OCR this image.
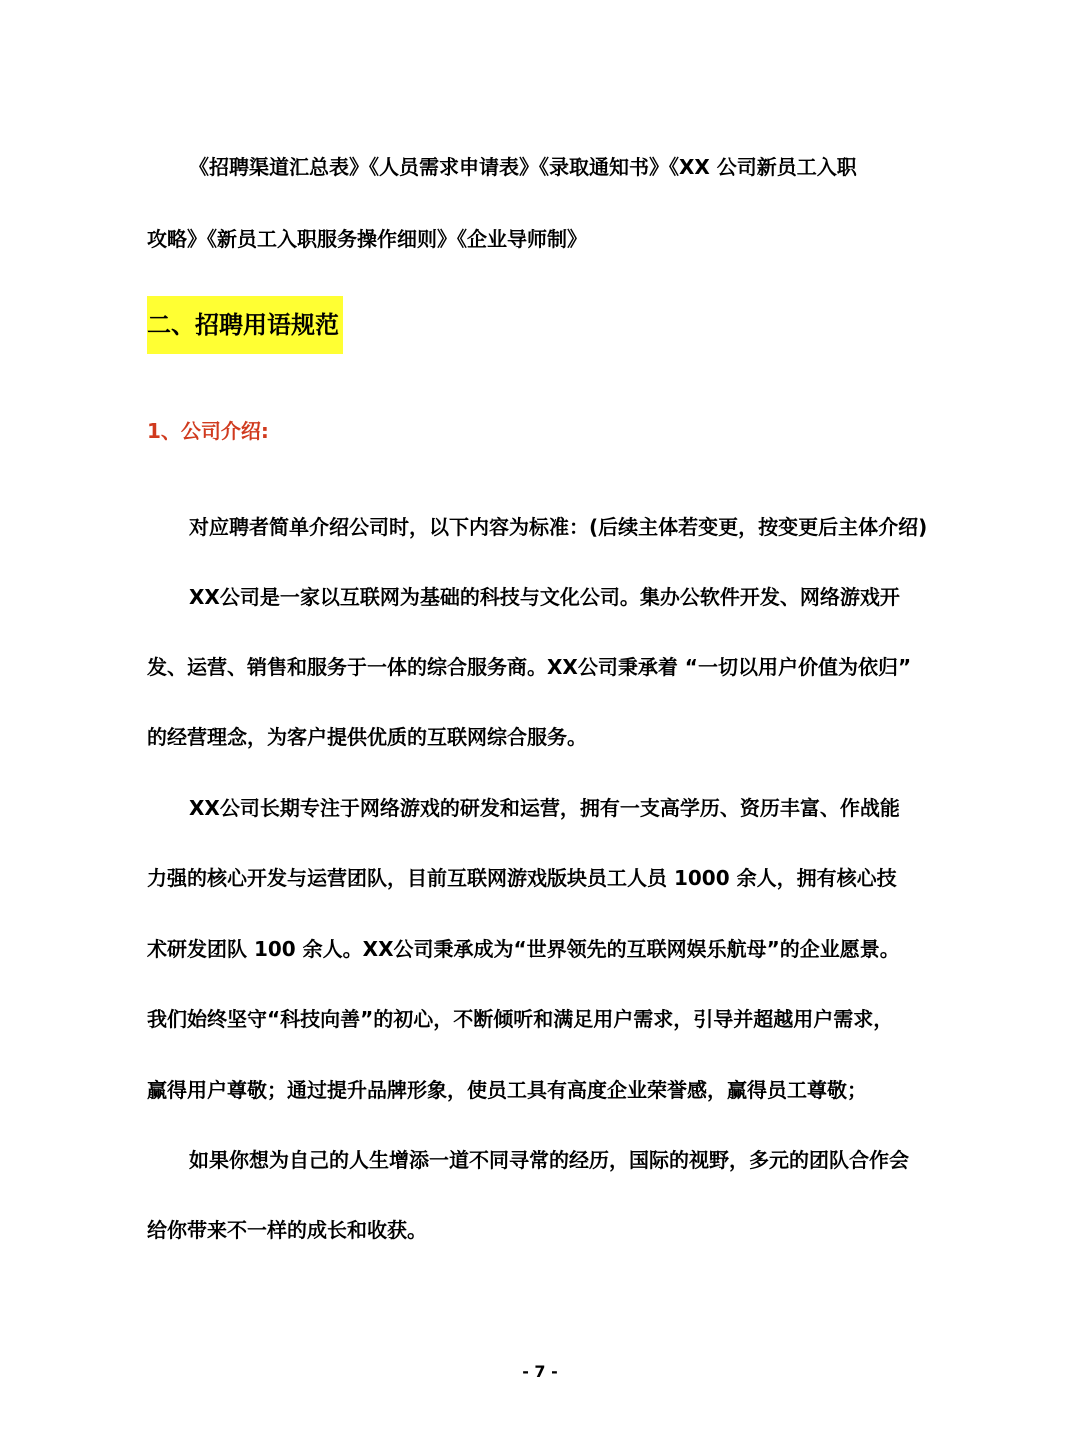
《招聘渠道汇总表》《人员需求申请表》《录取通知书》《XX 公司新员工入职
攻略》《新员工入职服务操作细则》《企业导师制》
二、招聘用语规范
1、公司介绍:
对应聘者简单介绍公司时，以下内容为标准：(后续主体若变更，按变更后主体介绍)
XX公司是一家以互联网为基础的科技与文化公司。集办公软件开发、网络游戏开
发、运营、销售和服务于一体的综合服务商。XX公司秉承着 “一切以用户价值为依归”
的经营理念，为客户提供优质的互联网综合服务。
XX公司长期专注于网络游戏的研发和运营，拥有一支高学历、资历丰富、作战能
力强的核心开发与运营团队，目前互联网游戏版块员工人员 1000 余人，拥有核心技
术研发团队 100 余人。XX公司秉承成为“世界领先的互联网娱乐航母”的企业愿景。
我们始终坚守“科技向善”的初心，不断倾听和满足用户需求，引导并超越用户需求，
赢得用户尊敬；通过提升品牌形象，使员工具有高度企业荣誉感，赢得员工尊敬；
如果你想为自己的人生增添一道不同寻常的经历，国际的视野，多元的团队合作会
给你带来不一样的成长和收获。
- 7 -
